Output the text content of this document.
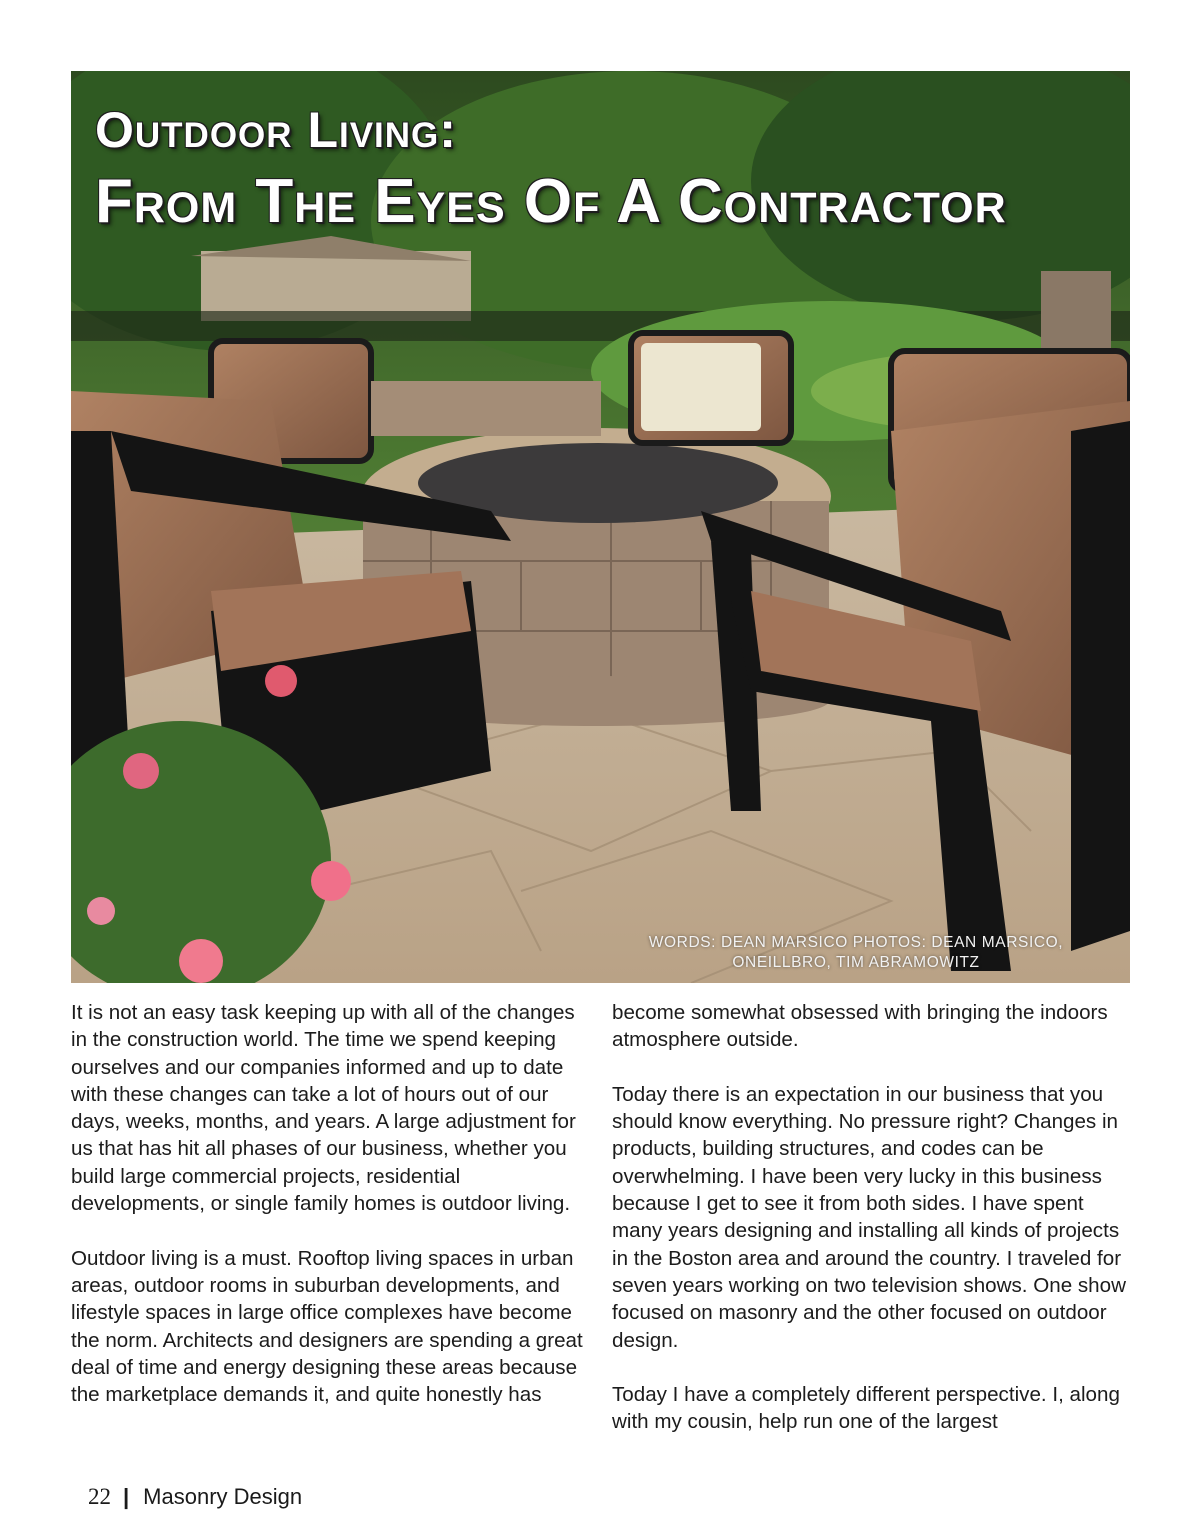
Outdoor Living:
From The Eyes Of A Contractor
WORDS: DEAN MARSICO PHOTOS: DEAN MARSICO,
ONEILLBRO, TIM ABRAMOWITZ

It is not an easy task keeping up with all of the changes in the construction world. The time we spend keeping ourselves and our companies informed and up to date with these changes can take a lot of hours out of our days, weeks, months, and years. A large adjustment for us that has hit all phases of our business, whether you build large commercial projects, residential developments, or single family homes is outdoor living.

Outdoor living is a must. Rooftop living spaces in urban areas, outdoor rooms in suburban developments, and lifestyle spaces in large office complexes have become the norm. Architects and designers are spending a great deal of time and energy designing these areas because the marketplace demands it, and quite honestly has

become somewhat obsessed with bringing the indoors atmosphere outside.

Today there is an expectation in our business that you should know everything. No pressure right? Changes in products, building structures, and codes can be overwhelming. I have been very lucky in this business because I get to see it from both sides. I have spent many years designing and installing all kinds of projects in the Boston area and around the country. I traveled for seven years working on two television shows. One show focused on masonry and the other focused on outdoor design.

Today I have a completely different perspective. I, along with my cousin, help run one of the largest

22 | Masonry Design
